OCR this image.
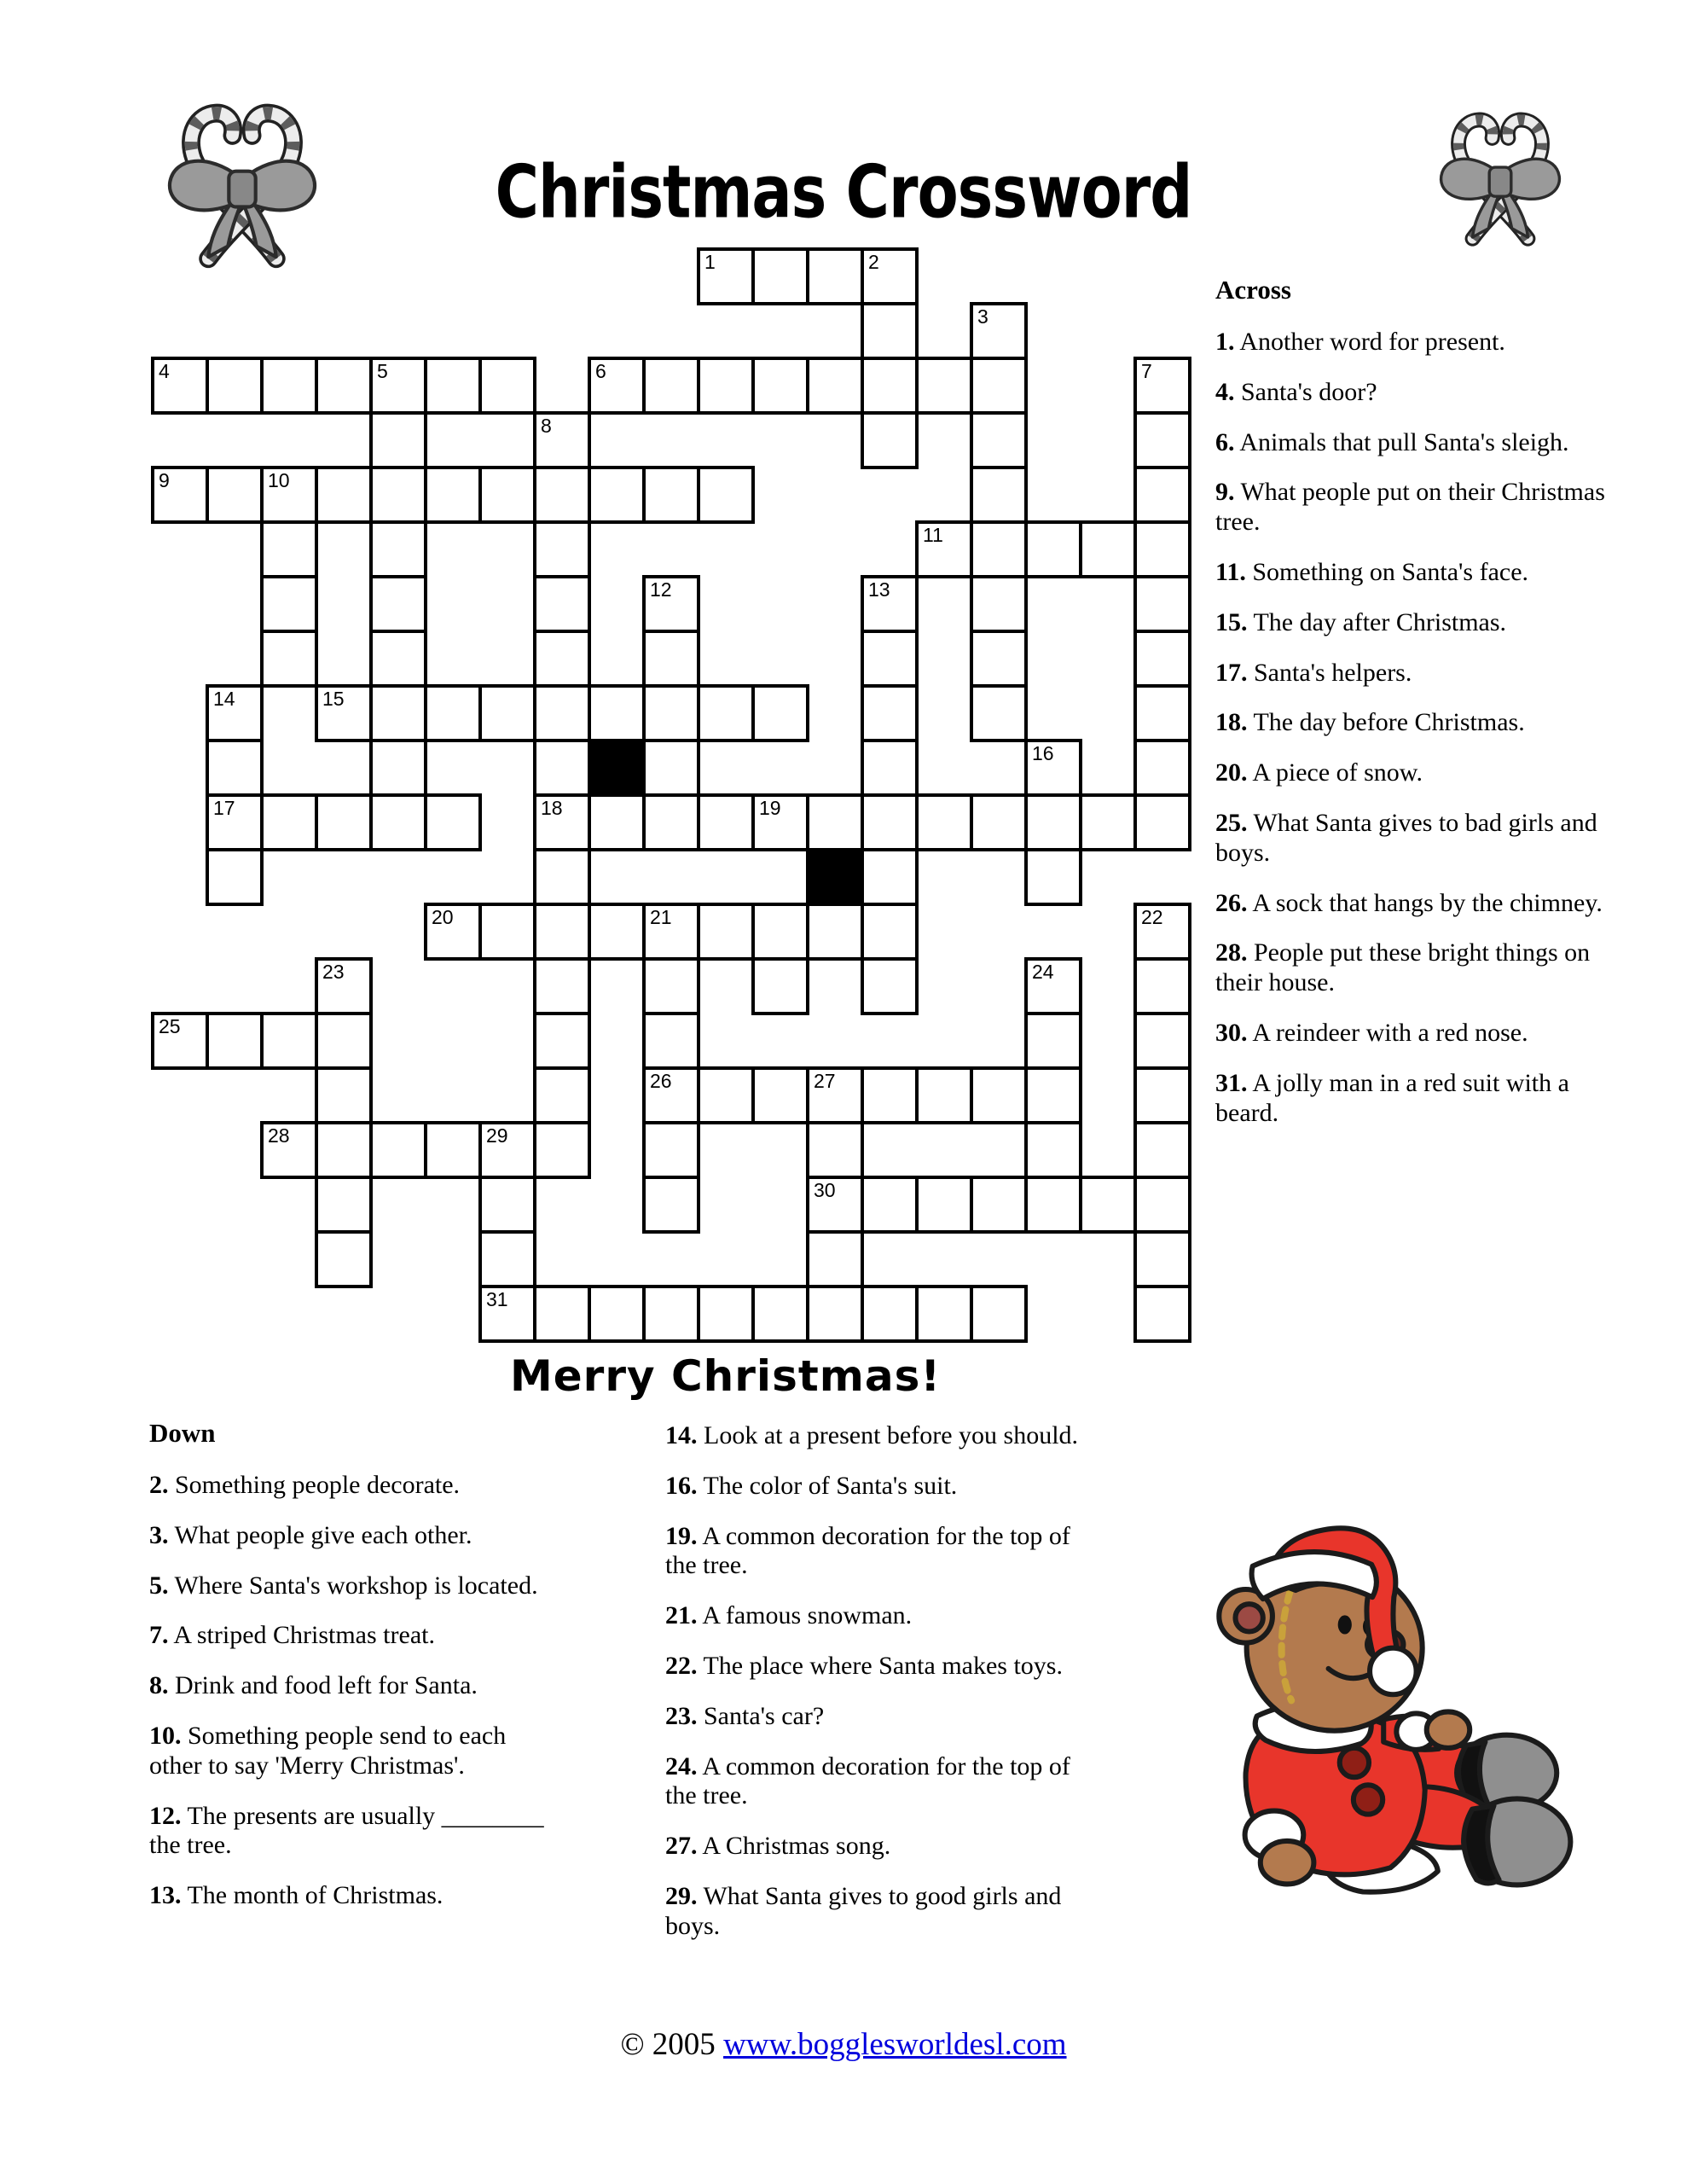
Christmas Crossword
1	2
3
4	5	6	7
8
9	10
11
12	13
14	15
16
17	18	19
20	21	22
23	24
25
26	27
28	29
30
31
Merry Christmas!
Across

1. Another word for present.

4. Santa's door?

6. Animals that pull Santa's sleigh.

9. What people put on their Christmas tree.

11. Something on Santa's face.

15. The day after Christmas.

17. Santa's helpers.

18. The day before Christmas.

20. A piece of snow.

25. What Santa gives to bad girls and boys.

26. A sock that hangs by the chimney.

28. People put these bright things on their house.

30. A reindeer with a red nose.

31. A jolly man in a red suit with a beard.

Down

2. Something people decorate.

3. What people give each other.

5. Where Santa's workshop is located.

7. A striped Christmas treat.

8. Drink and food left for Santa.

10. Something people send to each other to say 'Merry Christmas'.

12. The presents are usually ________ the tree.

13. The month of Christmas.

14. Look at a present before you should.

16. The color of Santa's suit.

19. A common decoration for the top of the tree.

21. A famous snowman.

22. The place where Santa makes toys.

23. Santa's car?

24. A common decoration for the top of the tree.

27. A Christmas song.

29. What Santa gives to good girls and boys.

© 2005 www.bogglesworldesl.com
